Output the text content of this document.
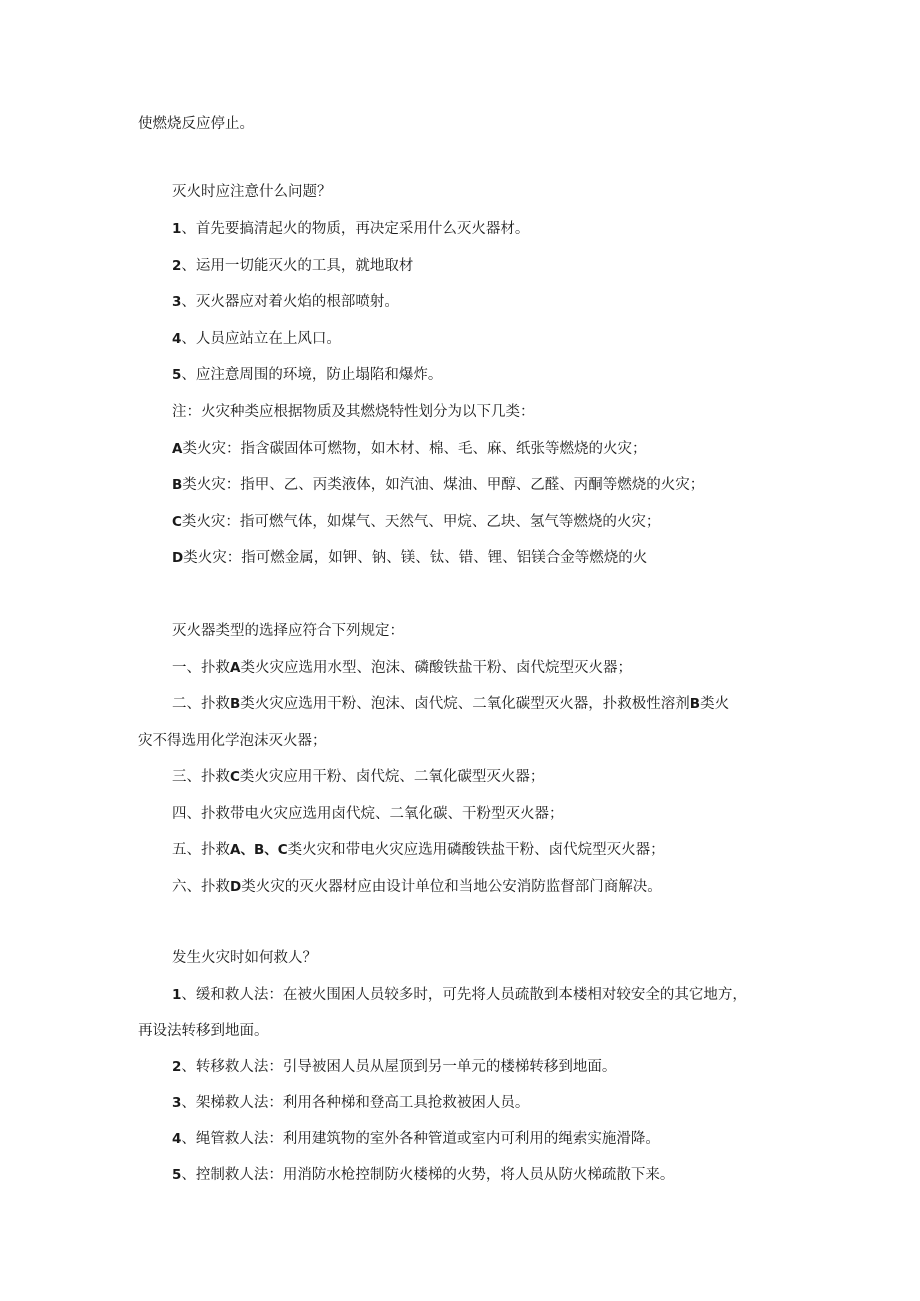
使燃烧反应停止。
灭火时应注意什么问题？
1、首先要搞清起火的物质，再决定采用什么灭火器材。
2、运用一切能灭火的工具，就地取材
3、灭火器应对着火焰的根部喷射。
4、人员应站立在上风口。
5、应注意周围的环境，防止塌陷和爆炸。
注：火灾种类应根据物质及其燃烧特性划分为以下几类：
A类火灾：指含碳固体可燃物，如木材、棉、毛、麻、纸张等燃烧的火灾；
B类火灾：指甲、乙、丙类液体，如汽油、煤油、甲醇、乙醛、丙酮等燃烧的火灾；
C类火灾：指可燃气体，如煤气、天然气、甲烷、乙块、氢气等燃烧的火灾；
D类火灾：指可燃金属，如钾、钠、镁、钛、错、锂、铝镁合金等燃烧的火
灭火器类型的选择应符合下列规定：
一、扑救A类火灾应选用水型、泡沫、磷酸铁盐干粉、卤代烷型灭火器；
二、扑救B类火灾应选用干粉、泡沫、卤代烷、二氧化碳型灭火器，扑救极性溶剂B类火
灾不得选用化学泡沫灭火器；
三、扑救C类火灾应用干粉、卤代烷、二氧化碳型灭火器；
四、扑救带电火灾应选用卤代烷、二氧化碳、干粉型灭火器；
五、扑救A、B、C类火灾和带电火灾应选用磷酸铁盐干粉、卤代烷型灭火器；
六、扑救D类火灾的灭火器材应由设计单位和当地公安消防监督部门商解决。
发生火灾时如何救人？
1、缓和救人法：在被火围困人员较多时，可先将人员疏散到本楼相对较安全的其它地方，
再设法转移到地面。
2、转移救人法：引导被困人员从屋顶到另一单元的楼梯转移到地面。
3、架梯救人法：利用各种梯和登高工具抢救被困人员。
4、绳管救人法：利用建筑物的室外各种管道或室内可利用的绳索实施滑降。
5、控制救人法：用消防水枪控制防火楼梯的火势，将人员从防火梯疏散下来。
